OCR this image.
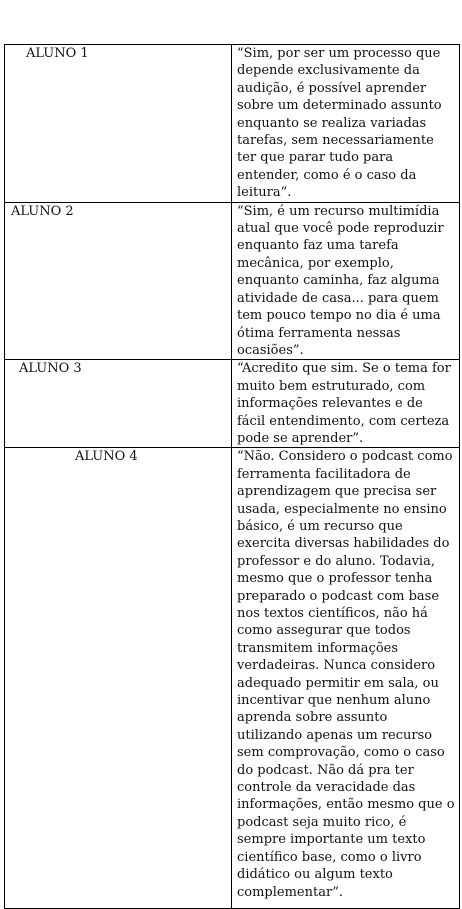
ALUNO 1	“Sim, por ser um processo que depende exclusivamente da audição, é possível aprender sobre um determinado assunto enquanto se realiza variadas tarefas, sem necessariamente ter que parar tudo para entender, como é o caso da leitura”.

ALUNO 2	“Sim, é um recurso multimídia atual que você pode reproduzir enquanto faz uma tarefa mecânica, por exemplo, enquanto caminha, faz alguma atividade de casa... para quem tem pouco tempo no dia é uma ótima ferramenta nessas ocasiões”.

ALUNO 3	“Acredito que sim. Se o tema for muito bem estruturado, com informações relevantes e de fácil entendimento, com certeza pode se aprender”.

ALUNO 4	“Não. Considero o podcast como ferramenta facilitadora de aprendizagem que precisa ser usada, especialmente no ensino básico, é um recurso que exercita diversas habilidades do professor e do aluno. Todavia, mesmo que o professor tenha preparado o podcast com base nos textos científicos, não há como assegurar que todos transmitem informações verdadeiras. Nunca considero adequado permitir em sala, ou incentivar que nenhum aluno aprenda sobre assunto utilizando apenas um recurso sem comprovação, como o caso do podcast. Não dá pra ter controle da veracidade das informações, então mesmo que o podcast seja muito rico, é sempre importante um texto científico base, como o livro didático ou algum texto complementar”.
